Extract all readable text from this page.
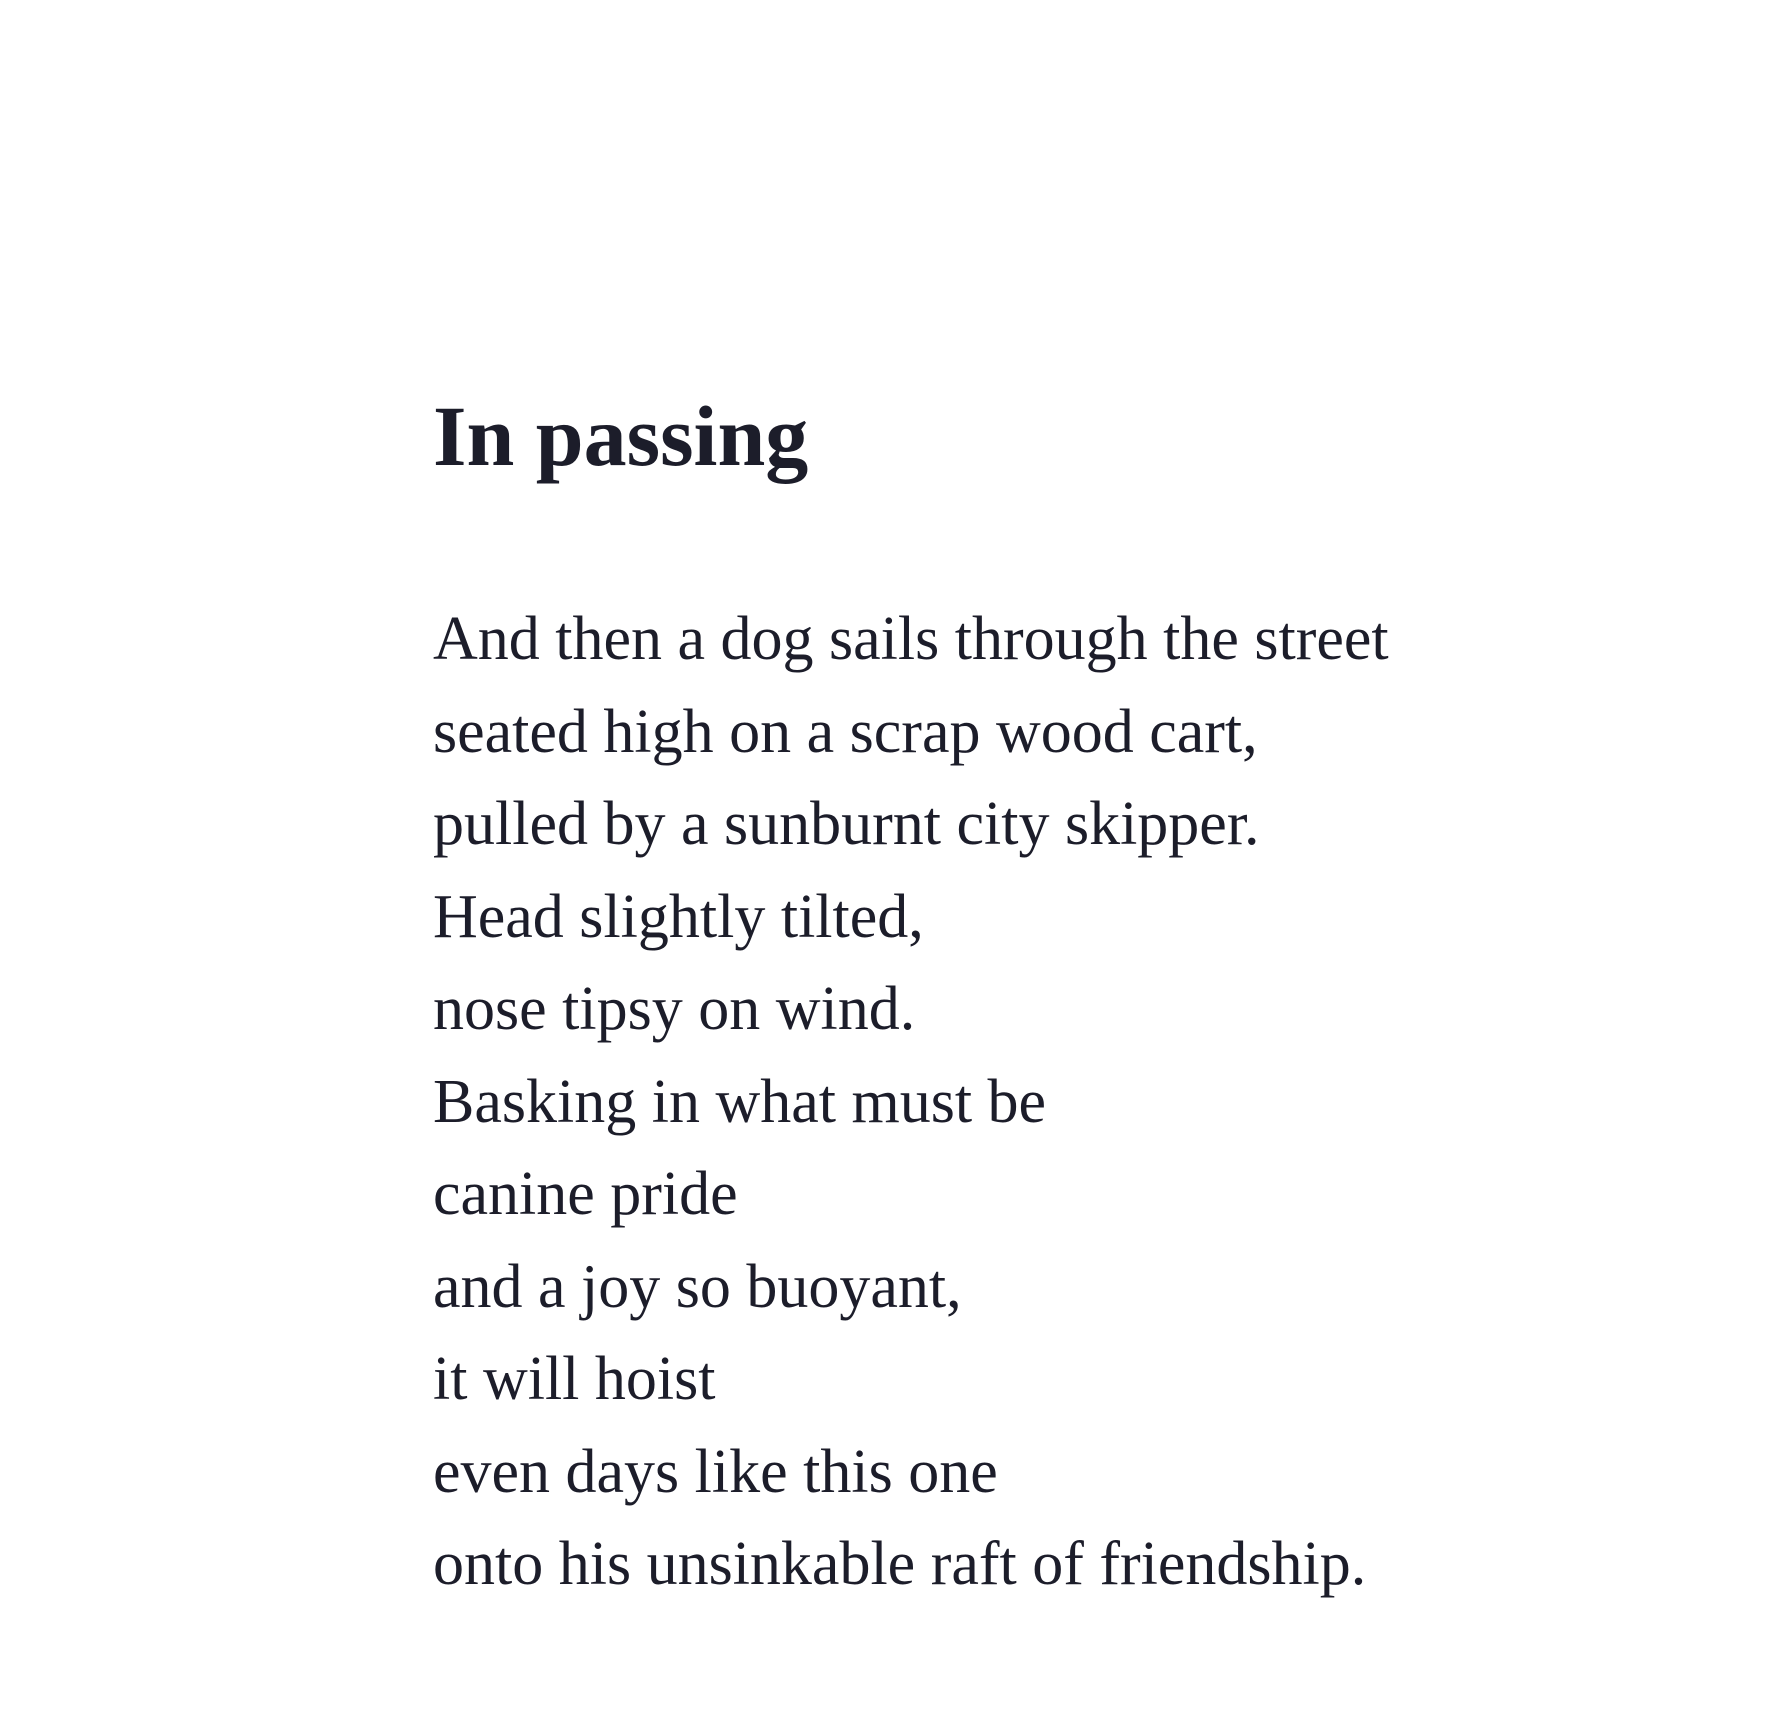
In passing
And then a dog sails through the street
seated high on a scrap wood cart,
pulled by a sunburnt city skipper.
Head slightly tilted,
nose tipsy on wind.
Basking in what must be
canine pride
and a joy so buoyant,
it will hoist
even days like this one
onto his unsinkable raft of friendship.
